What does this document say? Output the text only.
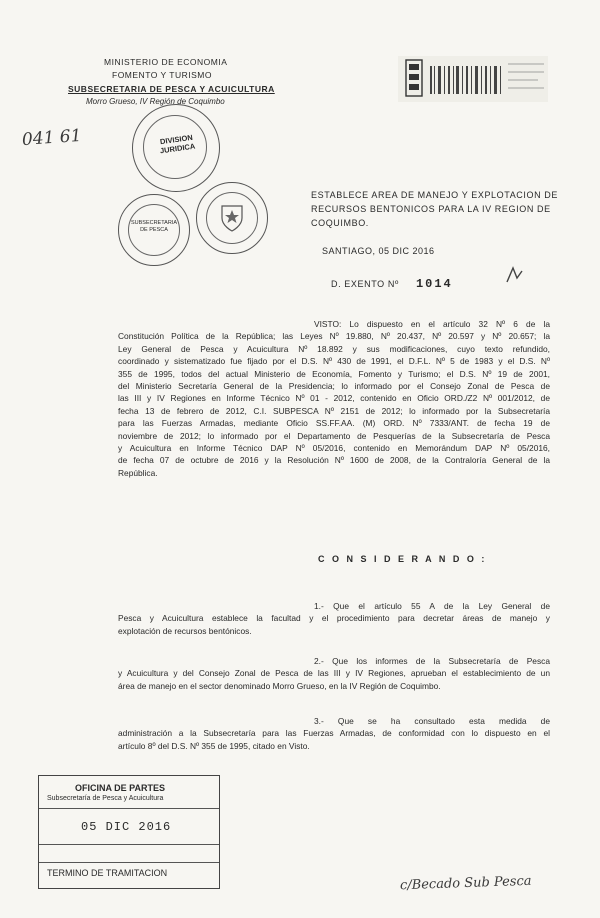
MINISTERIO DE ECONOMIA
FOMENTO Y TURISMO
SUBSECRETARIA DE PESCA Y ACUICULTURA
Morro Grueso, IV Región de Coquimbo
041 61	DIVISION JURIDICA
SUBSECRETARIA DE PESCA
ESTABLECE AREA DE MANEJO Y EXPLOTACION DE RECURSOS BENTONICOS PARA LA IV REGION DE COQUIMBO.
SANTIAGO, 05 DIC 2016
D. EXENTO Nº 1014
VISTO: Lo dispuesto en el artículo 32 Nº 6 de la
Constitución Política de la República; las Leyes Nº 19.880, Nº 20.437, Nº 20.597 y Nº 20.657; la
Ley General de Pesca y Acuicultura Nº 18.892 y sus modificaciones, cuyo texto refundido,
coordinado y sistematizado fue fijado por el D.S. Nº 430 de 1991, el D.F.L. Nº 5 de 1983 y el D.S. Nº
355 de 1995, todos del actual Ministerio de Economía, Fomento y Turismo; el D.S. Nº 19 de 2001,
del Ministerio Secretaría General de la Presidencia; lo informado por el Consejo Zonal de Pesca de
las III y IV Regiones en Informe Técnico Nº 01 - 2012, contenido en Oficio ORD./Z2 Nº 001/2012, de
fecha 13 de febrero de 2012, C.I. SUBPESCA Nº 2151 de 2012; lo informado por la Subsecretaría
para las Fuerzas Armadas, mediante Oficio SS.FF.AA. (M) ORD. Nº 7333/ANT. de fecha 19 de
noviembre de 2012; lo informado por el Departamento de Pesquerías de la Subsecretaría de Pesca
y Acuicultura en Informe Técnico DAP Nº 05/2016, contenido en Memorándum DAP Nº 05/2016,
de fecha 07 de octubre de 2016 y la Resolución Nº 1600 de 2008, de la Contraloría General de la
República.
C O N S I D E R A N D O :
1.- Que el artículo 55 A de la Ley General de
Pesca y Acuicultura establece la facultad y el procedimiento para decretar áreas de manejo y
explotación de recursos bentónicos.
2.- Que los informes de la Subsecretaría de Pesca
y Acuicultura y del Consejo Zonal de Pesca de las III y IV Regiones, aprueban el establecimiento de un
área de manejo en el sector denominado Morro Grueso, en la IV Región de Coquimbo.
3.- Que se ha consultado esta medida de
administración a la Subsecretaría para las Fuerzas Armadas, de conformidad con lo dispuesto en el
artículo 8º del D.S. Nº 355 de 1995, citado en Visto.
OFICINA DE PARTES
Subsecretaría de Pesca y Acuicultura
05 DIC 2016
TERMINO DE TRAMITACION
c/Becado Sub Pesca
